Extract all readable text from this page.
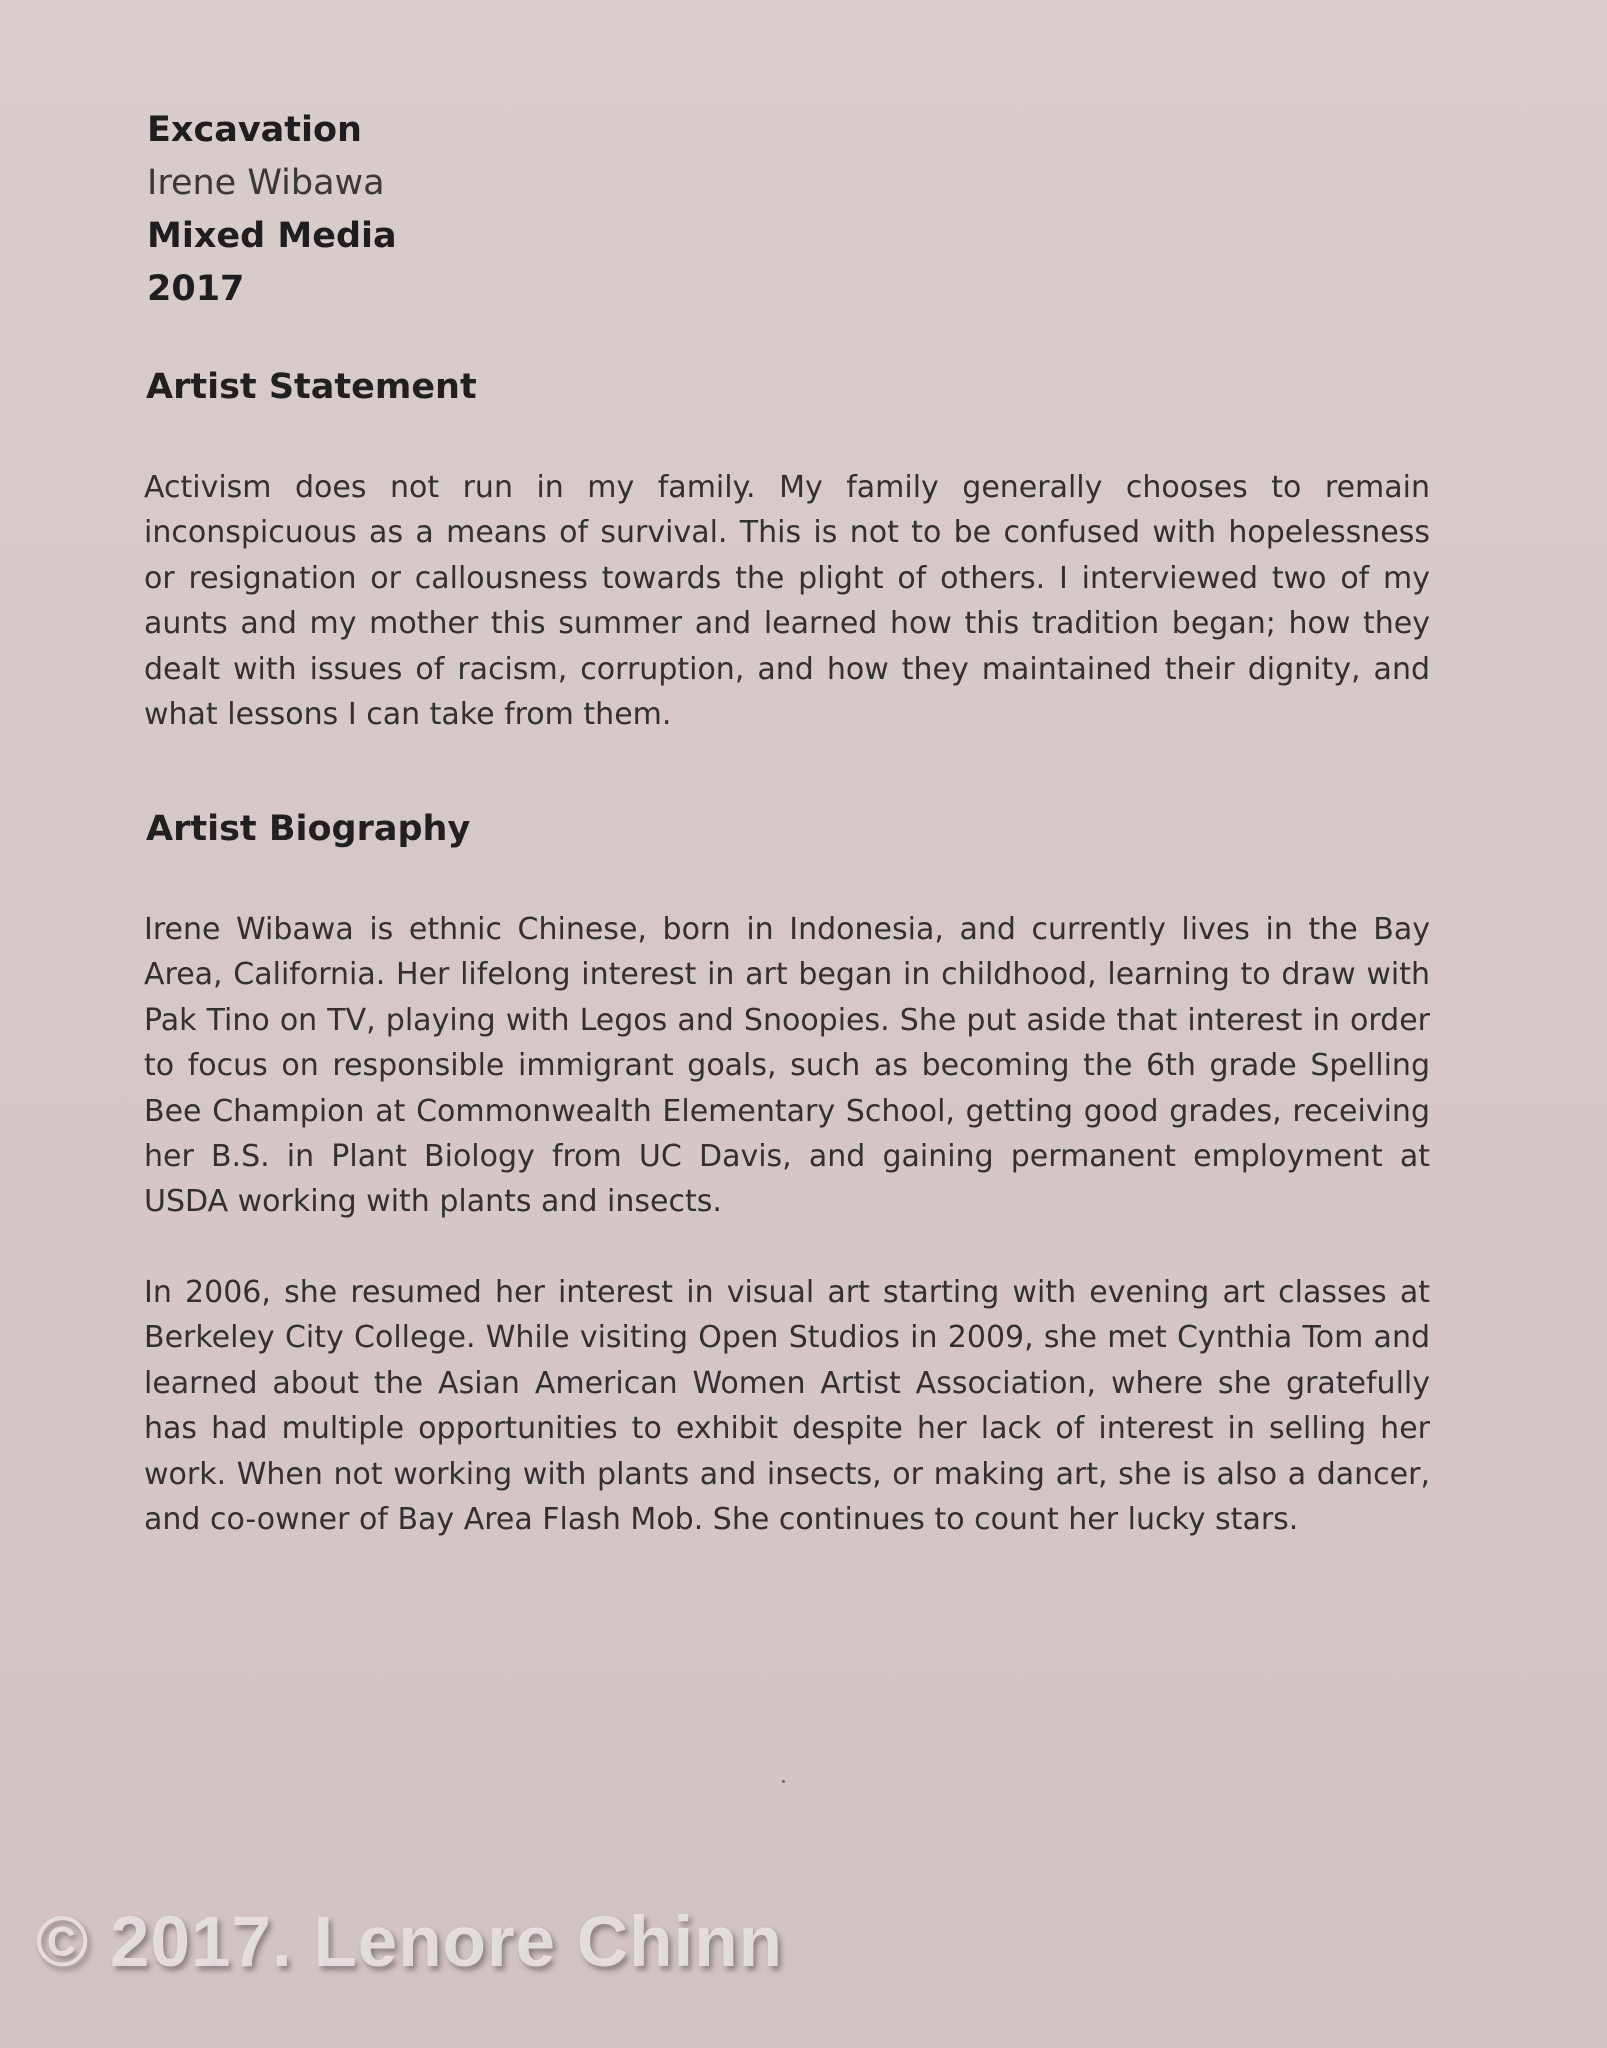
Excavation
Irene Wibawa
Mixed Media
2017
Artist Statement

Activism does not run in my family. My family generally chooses to remain inconspicuous as a means of survival. This is not to be confused with hopelessness or resignation or callousness towards the plight of others. I interviewed two of my aunts and my mother this summer and learned how this tradition began; how they dealt with issues of racism, corruption, and how they maintained their dignity, and what lessons I can take from them.

Artist Biography

Irene Wibawa is ethnic Chinese, born in Indonesia, and currently lives in the Bay Area, California. Her lifelong interest in art began in childhood, learning to draw with Pak Tino on TV, playing with Legos and Snoopies. She put aside that interest in order to focus on responsible immigrant goals, such as becoming the 6th grade Spelling Bee Champion at Commonwealth Elementary School, getting good grades, receiving her B.S. in Plant Biology from UC Davis, and gaining permanent employment at USDA working with plants and insects.

In 2006, she resumed her interest in visual art starting with evening art classes at Berkeley City College. While visiting Open Studios in 2009, she met Cynthia Tom and learned about the Asian American Women Artist Association, where she gratefully has had multiple opportunities to exhibit despite her lack of interest in selling her work. When not working with plants and insects, or making art, she is also a dancer, and co-owner of Bay Area Flash Mob. She continues to count her lucky stars.

© 2017. Lenore Chinn
